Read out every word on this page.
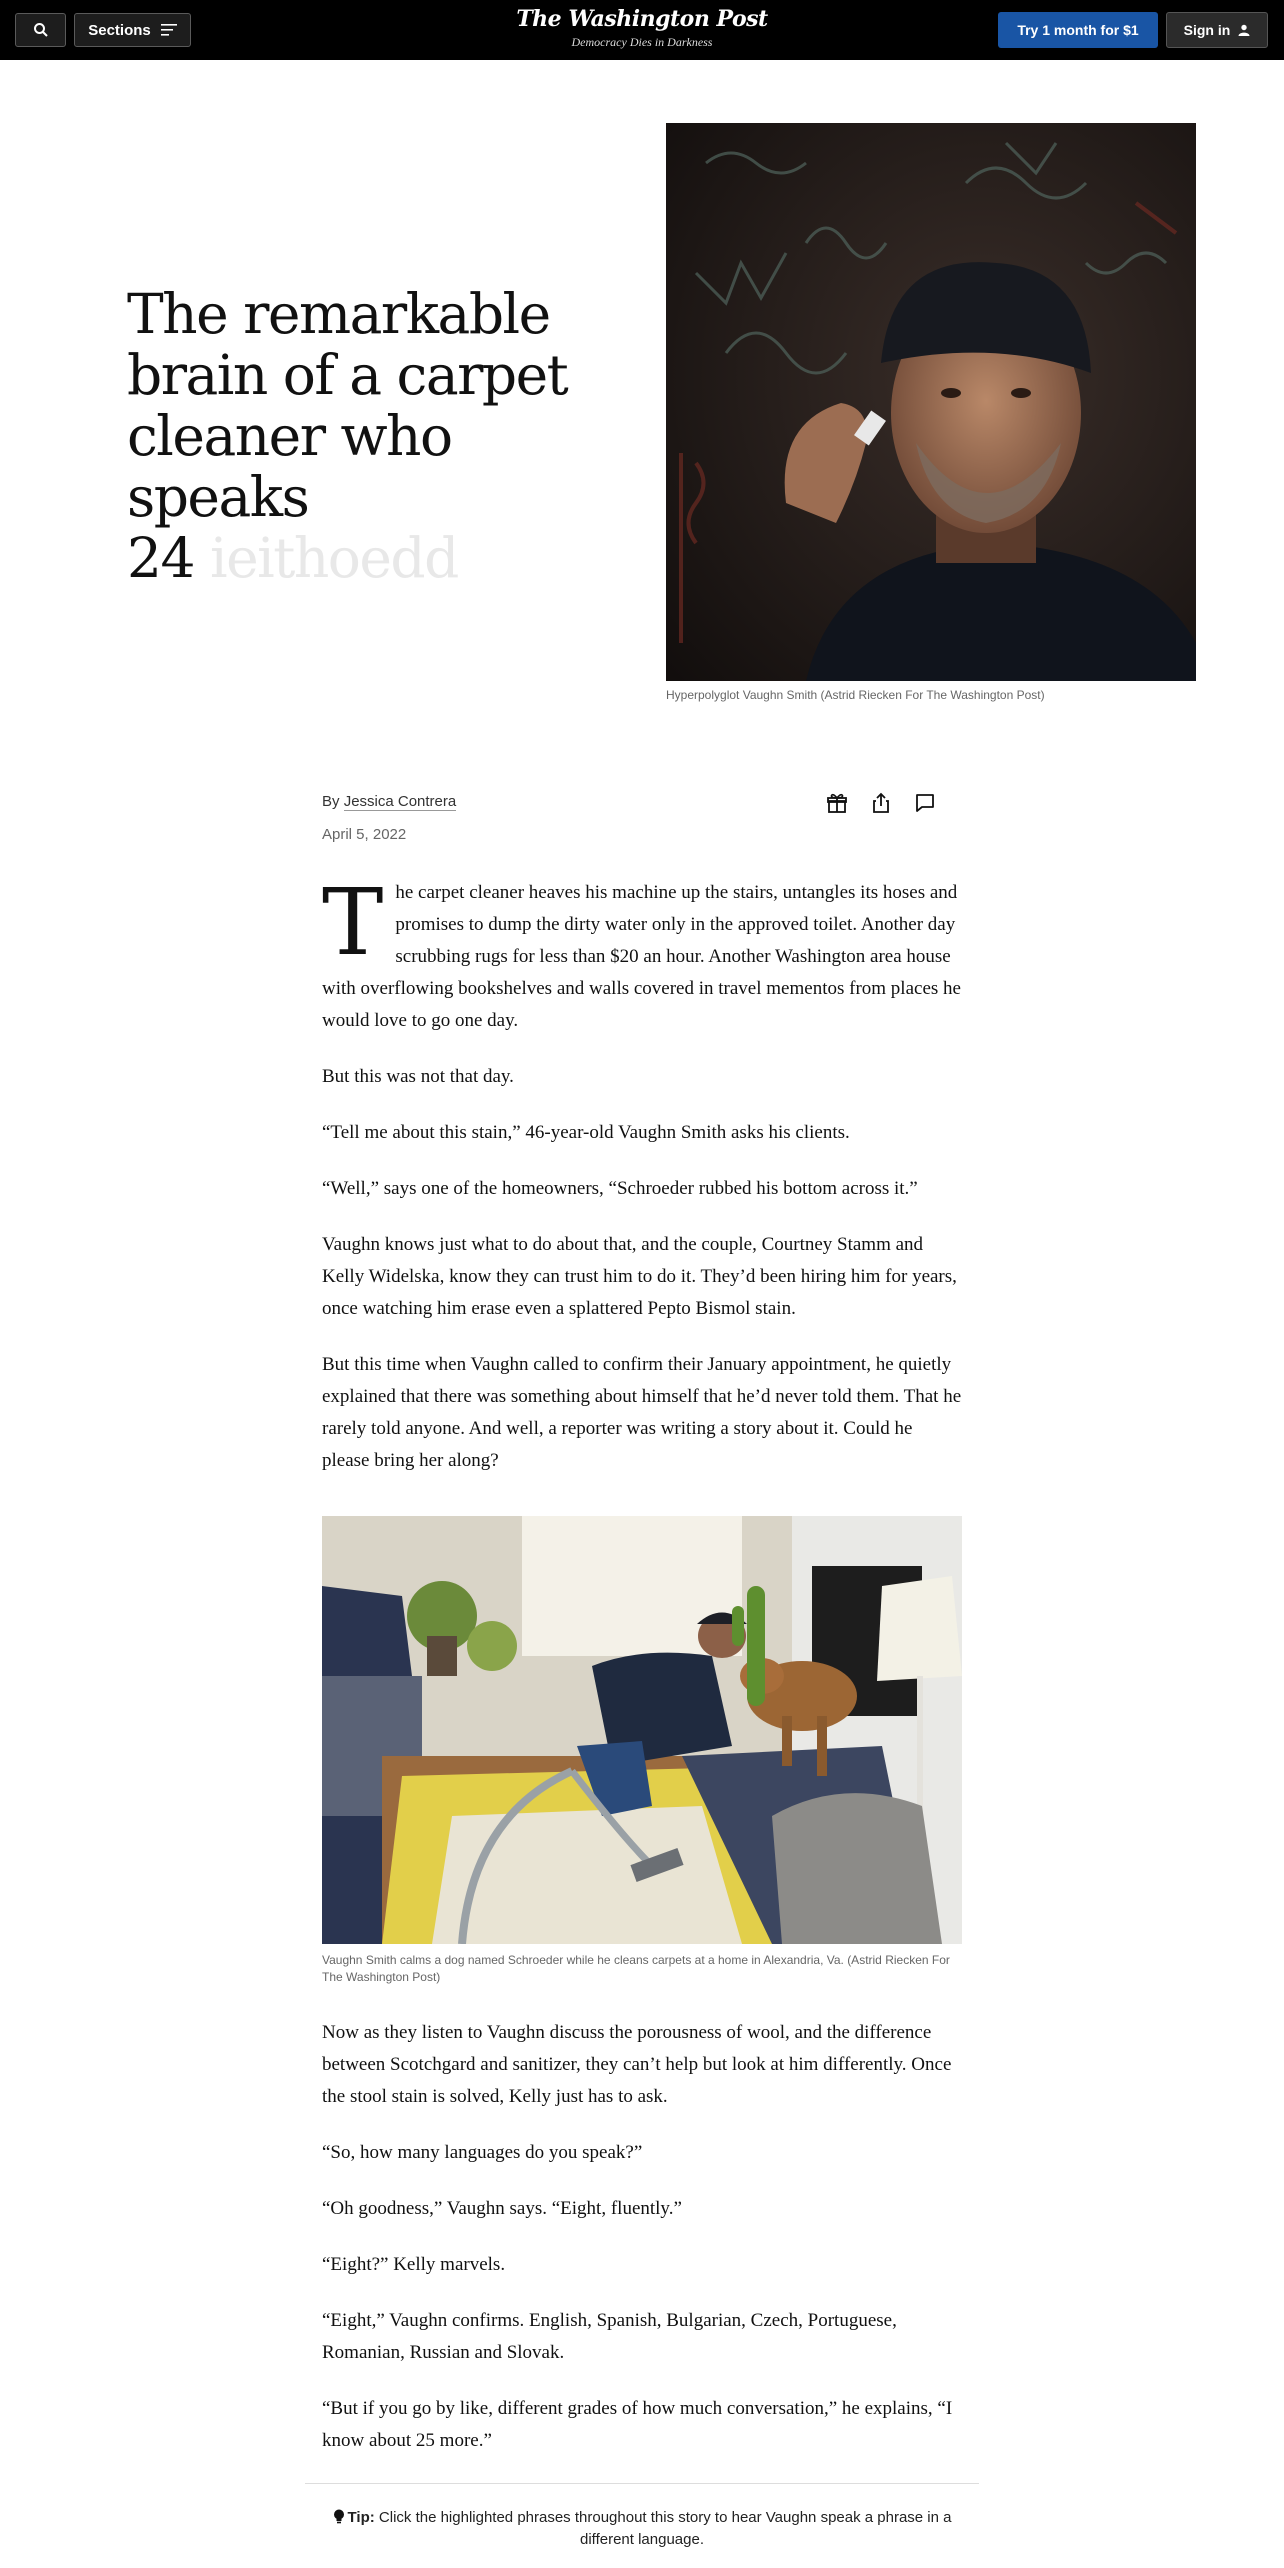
Sections	The Washington Post
Democracy Dies in Darkness
Try 1 month for $1	Sign in
The remarkable brain of a carpet cleaner who speaks 24 ieithoedd
Hyperpolyglot Vaughn Smith (Astrid Riecken For The Washington Post)
By Jessica Contrera
April 5, 2022

The carpet cleaner heaves his machine up the stairs, untangles its hoses and promises to dump the dirty water only in the approved toilet. Another day scrubbing rugs for less than $20 an hour. Another Washington area house with overflowing bookshelves and walls covered in travel mementos from places he would love to go one day.

But this was not that day.

“Tell me about this stain,” 46-year-old Vaughn Smith asks his clients.

“Well,” says one of the homeowners, “Schroeder rubbed his bottom across it.”

Vaughn knows just what to do about that, and the couple, Courtney Stamm and Kelly Widelska, know they can trust him to do it. They’d been hiring him for years, once watching him erase even a splattered Pepto Bismol stain.

But this time when Vaughn called to confirm their January appointment, he quietly explained that there was something about himself that he’d never told them. That he rarely told anyone. And well, a reporter was writing a story about it. Could he please bring her along?

Vaughn Smith calms a dog named Schroeder while he cleans carpets at a home in Alexandria, Va. (Astrid Riecken For The Washington Post)

Now as they listen to Vaughn discuss the porousness of wool, and the difference between Scotchgard and sanitizer, they can’t help but look at him differently. Once the stool stain is solved, Kelly just has to ask.

“So, how many languages do you speak?”

“Oh goodness,” Vaughn says. “Eight, fluently.”

“Eight?” Kelly marvels.

“Eight,” Vaughn confirms. English, Spanish, Bulgarian, Czech, Portuguese, Romanian, Russian and Slovak.

“But if you go by like, different grades of how much conversation,” he explains, “I know about 25 more.”

Tip: Click the highlighted phrases throughout this story to hear Vaughn speak a phrase in a different language.
